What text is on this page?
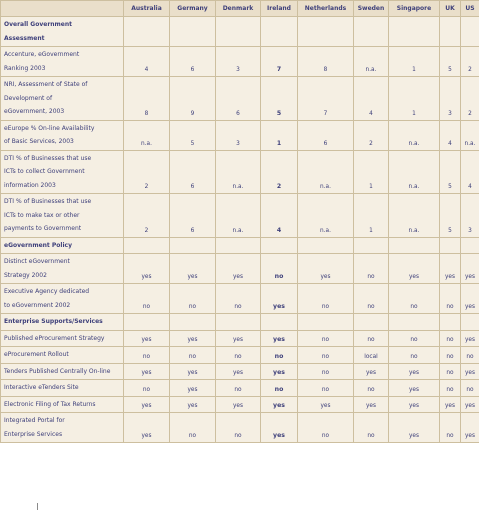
	Australia	Germany	Denmark	Ireland	Netherlands	Sweden	Singapore	UK	US

Overall Government
Assessment									

Accenture, eGovernment
Ranking 2003	4	6	3	7	8	n.a.	1	5	2

NRI, Assessment of State of
Development of
eGovernment, 2003	8	9	6	5	7	4	1	3	2

eEurope % On-line Availability
of Basic Services, 2003	n.a.	5	3	1	6	2	n.a.	4	n.a.

DTI % of Businesses that use
ICTs to collect Government
information 2003	2	6	n.a.	2	n.a.	1	n.a.	5	4

DTI % of Businesses that use
ICTs to make tax or other
payments to Government	2	6	n.a.	4	n.a.	1	n.a.	5	3

eGovernment Policy									

Distinct eGovernment
Strategy 2002	yes	yes	yes	no	yes	no	yes	yes	yes

Executive Agency dedicated
to eGovernment 2002	no	no	no	yes	no	no	no	no	yes

Enterprise Supports/Services									

Published eProcurement Strategy	yes	yes	yes	yes	no	no	no	no	yes

eProcurement Rollout	no	no	no	no	no	local	no	no	no

Tenders Published Centrally On-line	yes	yes	yes	yes	no	yes	yes	no	yes

Interactive eTenders Site	no	yes	no	no	no	no	yes	no	no

Electronic Filing of Tax Returns	yes	yes	yes	yes	yes	yes	yes	yes	yes

Integrated Portal for
Enterprise Services	yes	no	no	yes	no	no	yes	no	yes
